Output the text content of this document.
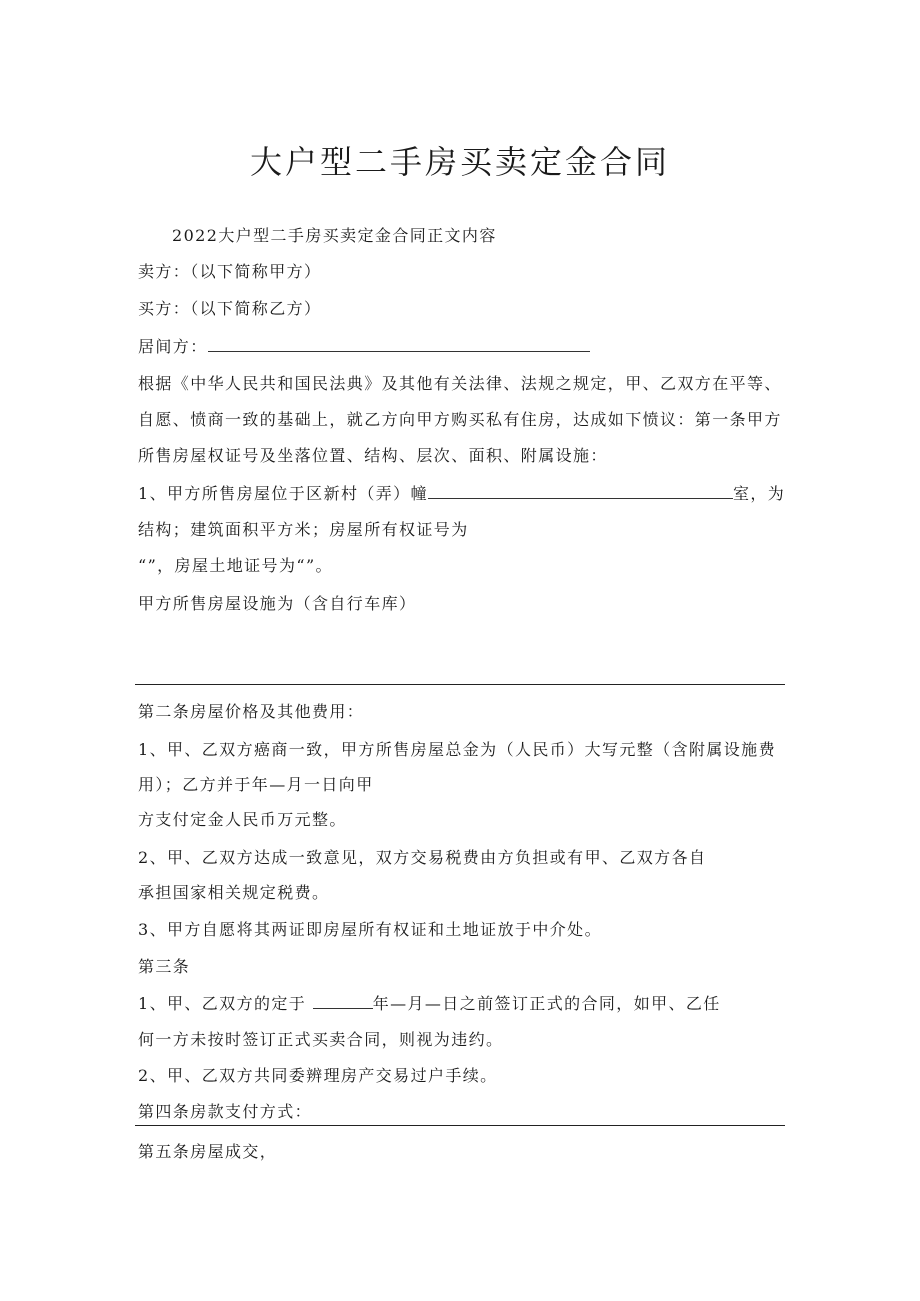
大户型二手房买卖定金合同
2022大户型二手房买卖定金合同正文内容
卖方：（以下简称甲方）
买方：（以下简称乙方）
居间方：
根据《中华人民共和国民法典》及其他有关法律、法规之规定，甲、乙双方在平等、
自愿、愤商一致的基础上，就乙方向甲方购买私有住房，达成如下愤议：第一条甲方
所售房屋权证号及坐落位置、结构、层次、面积、附属设施：
1、甲方所售房屋位于区新村（弄）幢	室，为
结构；建筑面积平方米；房屋所有权证号为
“”，房屋土地证号为“”。
甲方所售房屋设施为（含自行车库）
第二条房屋价格及其他费用：
1、甲、乙双方癌商一致，甲方所售房屋总金为（人民币）大写元整（含附属设施费
用）；乙方并于年—月一日向甲
方支付定金人民币万元整。
2、甲、乙双方达成一致意见，双方交易税费由方负担或有甲、乙双方各自
承担国家相关规定税费。
3、甲方自愿将其两证即房屋所有权证和土地证放于中介处。
第三条
1、甲、乙双方的定于	年—月—日之前签订正式的合同，如甲、乙任
何一方未按时签订正式买卖合同，则视为违约。
2、甲、乙双方共同委辨理房产交易过户手续。
第四条房款支付方式：
第五条房屋成交，
